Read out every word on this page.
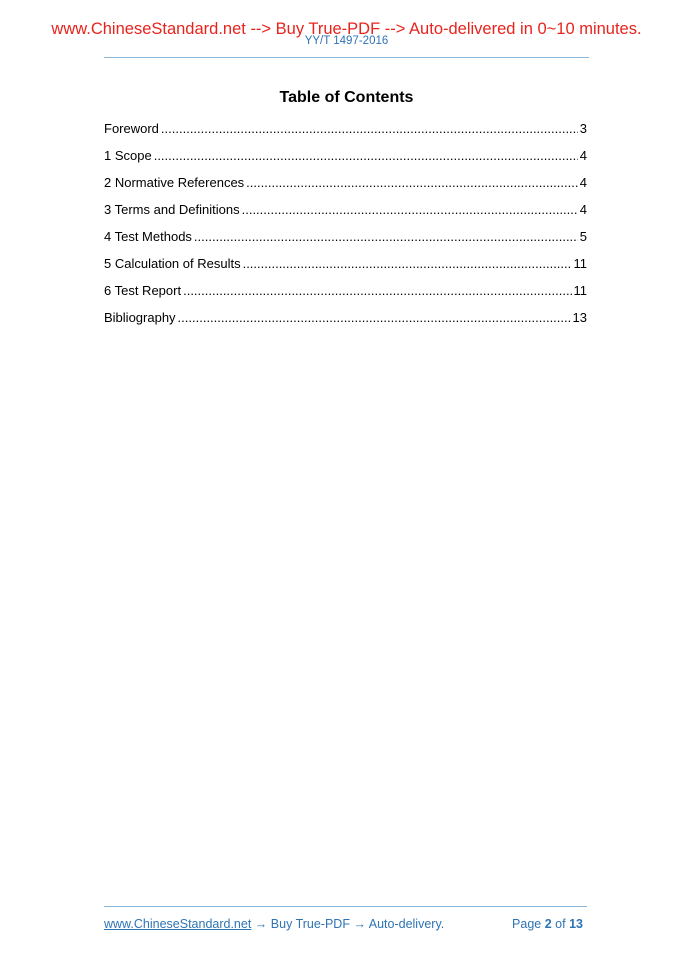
www.ChineseStandard.net --> Buy True-PDF --> Auto-delivered in 0~10 minutes.
YY/T 1497-2016
Table of Contents
Foreword .....	3
1 Scope .....	4
2 Normative References .....	4
3 Terms and Definitions .....	4
4 Test Methods .....	5
5 Calculation of Results .....	11
6 Test Report .....	11
Bibliography .....	13
www.ChineseStandard.net → Buy True-PDF → Auto-delivery.	Page 2 of 13
